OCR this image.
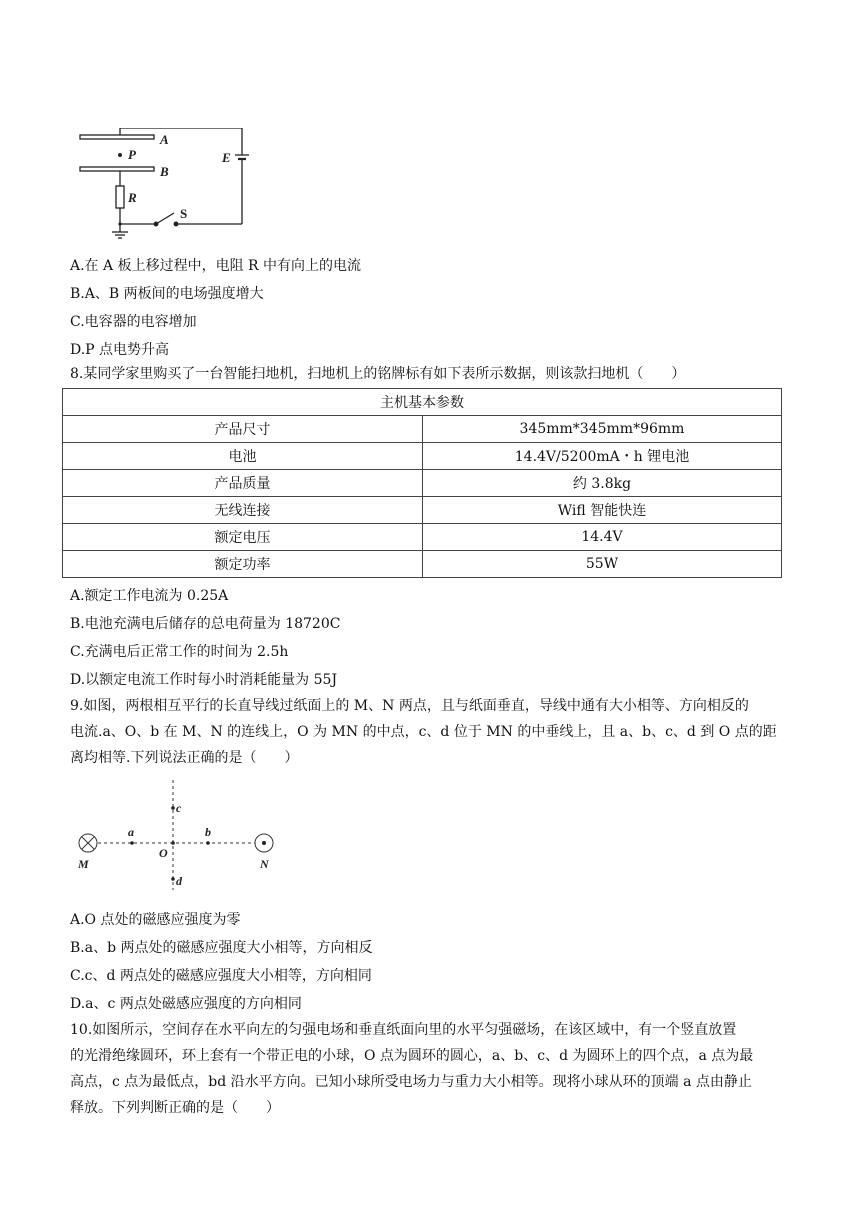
A
P
B
E
R
S
A.在 A 板上移过程中，电阻 R 中有向上的电流
B.A、B 两板间的电场强度增大
C.电容器的电容增加
D.P 点电势升高
8.某同学家里购买了一台智能扫地机，扫地机上的铭牌标有如下表所示数据，则该款扫地机（　　）
主机基本参数	
产品尺寸	345mm*345mm*96mm
电池	14.4V/5200mA・h 锂电池
产品质量	约 3.8kg
无线连接	Wifl 智能快连
额定电压	14.4V
额定功率	55W
A.额定工作电流为 0.25A
B.电池充满电后储存的总电荷量为 18720C
C.充满电后正常工作的时间为 2.5h
D.以额定电流工作时每小时消耗能量为 55J
9.如图，两根相互平行的长直导线过纸面上的 M、N 两点，且与纸面垂直，导线中通有大小相等、方向相反的
电流.a、O、b 在 M、N 的连线上，O 为 MN 的中点，c、d 位于 MN 的中垂线上，且 a、b、c、d 到 O 点的距
离均相等.下列说法正确的是（　　）
M	N
a	b
c
d
O
A.O 点处的磁感应强度为零
B.a、b 两点处的磁感应强度大小相等，方向相反
C.c、d 两点处的磁感应强度大小相等，方向相同
D.a、c 两点处磁感应强度的方向相同
10.如图所示，空间存在水平向左的匀强电场和垂直纸面向里的水平匀强磁场，在该区域中，有一个竖直放置
的光滑绝缘圆环，环上套有一个带正电的小球，O 点为圆环的圆心，a、b、c、d 为圆环上的四个点，a 点为最
高点，c 点为最低点，bd 沿水平方向。已知小球所受电场力与重力大小相等。现将小球从环的顶端 a 点由静止
释放。下列判断正确的是（　　）
